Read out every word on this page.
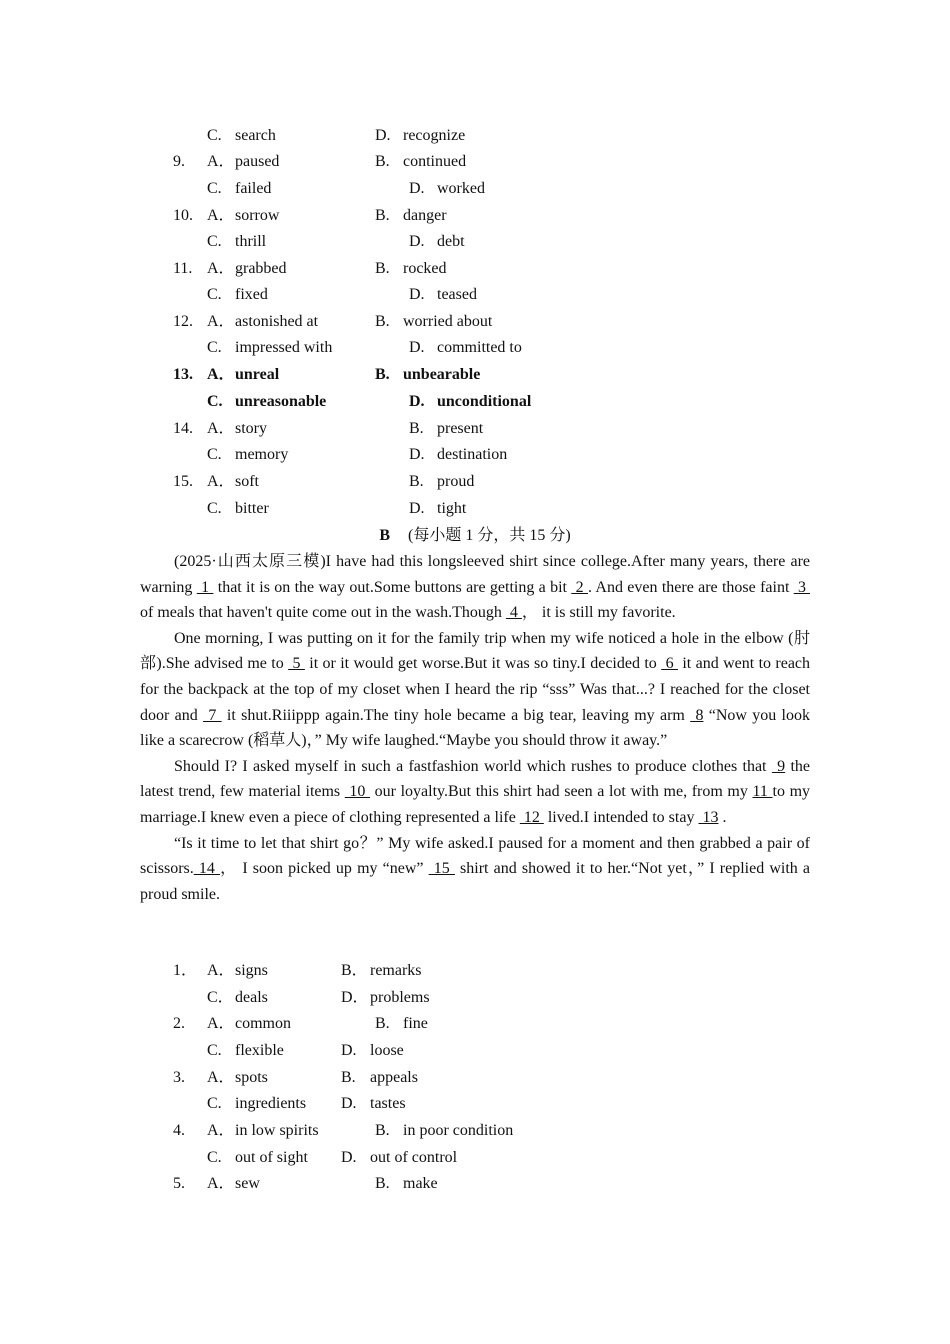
C. search	D. recognize
9. A． paused	B. continued
C. failed	D. worked
10. A． sorrow	B. danger
C. thrill	D. debt
11. A． grabbed	B. rocked
C. fixed	D. teased
12. A． astonished at	B. worried about
C. impressed with	D. committed to
13. A． unreal	B. unbearable
C. unreasonable	D. unconditional
14. A． story	B. present
C. memory	D. destination
15. A． soft	B. proud
C. bitter	D. tight
B (每小题 1 分，共 15 分)

(2025·山西太原三模)I have had this longsleeved shirt since college.After many years, there are warning  1  that it is on the way out.Some buttons are getting a bit  2 . And even there are those faint  3  of meals that haven't quite come out in the wash.Though  4 ， it is still my favorite.

One morning, I was putting on it for the family trip when my wife noticed a hole in the elbow (肘部).She advised me to  5  it or it would get worse.But it was so tiny.I decided to  6  it and went to reach for the backpack at the top of my closet when I heard the rip “sss” Was that...? I reached for the closet door and  7  it shut.Riiippp again.The tiny hole became a big tear, leaving my arm  8 “Now you look like a scarecrow (稻草人)，” My wife laughed.“Maybe you should throw it away.”

Should I? I asked myself in such a fastfashion world which rushes to produce clothes that  9 the latest trend, few material items  10  our loyalty.But this shirt had seen a lot with me, from my 11 to my marriage.I knew even a piece of clothing represented a life  12  lived.I intended to stay  13 .

“Is it time to let that shirt go？” My wife asked.I paused for a moment and then grabbed a pair of scissors. 14 ， I soon picked up my “new”  15  shirt and showed it to her.“Not yet，” I replied with a proud smile.

1． A． signs	B． remarks
C． deals	D． problems
2. A． common	B. fine
C. flexible	D. loose
3. A． spots	B. appeals
C. ingredients D. tastes
4. A． in low spirits	B. in poor condition
C. out of sight D. out of control
5. A． sew	B. make
